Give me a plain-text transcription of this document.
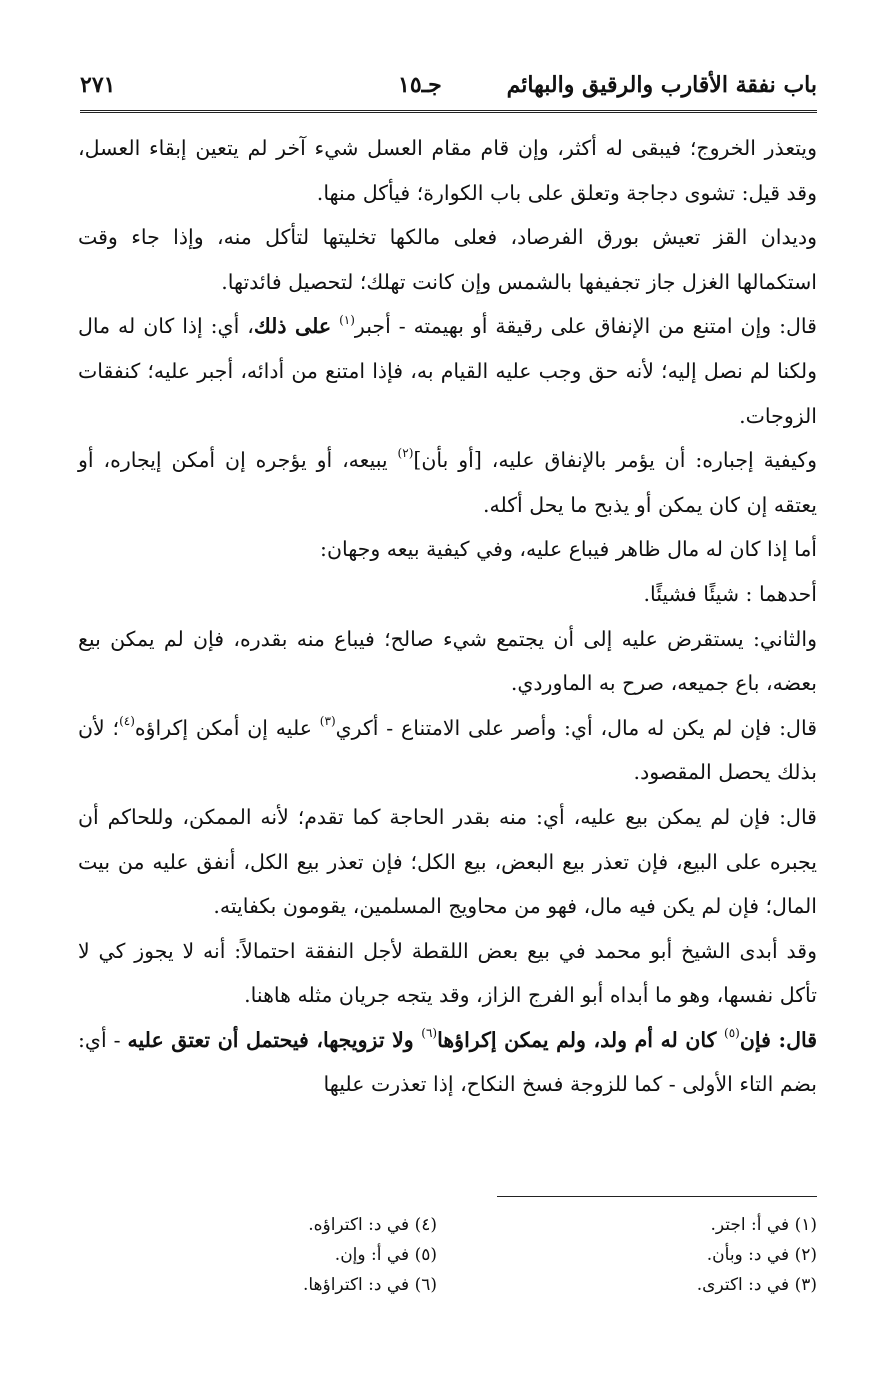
باب نفقة الأقارب والرقيق والبهائم
جـ١٥
٢٧١

ويتعذر الخروج؛ فيبقى له أكثر، وإن قام مقام العسل شيء آخر لم يتعين إبقاء العسل، وقد قيل: تشوى دجاجة وتعلق على باب الكوارة؛ فيأكل منها.

وديدان القز تعيش بورق الفرصاد، فعلى مالكها تخليتها لتأكل منه، وإذا جاء وقت استكمالها الغزل جاز تجفيفها بالشمس وإن كانت تهلك؛ لتحصيل فائدتها.

قال: وإن امتنع من الإنفاق على رقيقة أو بهيمته - أجبر$^{(١)}$ على ذلك، أي: إذا كان له مال ولكنا لم نصل إليه؛ لأنه حق وجب عليه القيام به، فإذا امتنع من أدائه، أجبر عليه؛ كنفقات الزوجات.

وكيفية إجباره: أن يؤمر بالإنفاق عليه، [أو بأن]$^{(٢)}$ يبيعه، أو يؤجره إن أمكن إيجاره، أو يعتقه إن كان يمكن أو يذبح ما يحل أكله.

أما إذا كان له مال ظاهر فيباع عليه، وفي كيفية بيعه وجهان:

أحدهما : شيئًا فشيئًا.

والثاني: يستقرض عليه إلى أن يجتمع شيء صالح؛ فيباع منه بقدره، فإن لم يمكن بيع بعضه، باع جميعه، صرح به الماوردي.

قال: فإن لم يكن له مال، أي: وأصر على الامتناع - أكري$^{(٣)}$ عليه إن أمكن إكراؤه$^{(٤)}$؛ لأن بذلك يحصل المقصود.

قال: فإن لم يمكن بيع عليه، أي: منه بقدر الحاجة كما تقدم؛ لأنه الممكن، وللحاكم أن يجبره على البيع، فإن تعذر بيع البعض، بيع الكل؛ فإن تعذر بيع الكل، أنفق عليه من بيت المال؛ فإن لم يكن فيه مال، فهو من محاويج المسلمين، يقومون بكفايته.

وقد أبدى الشيخ أبو محمد في بيع بعض اللقطة لأجل النفقة احتمالاً: أنه لا يجوز كي لا تأكل نفسها، وهو ما أبداه أبو الفرج الزاز، وقد يتجه جريان مثله هاهنا.

قال: فإن$^{(٥)}$ كان له أم ولد، ولم يمكن إكراؤها$^{(٦)}$ ولا تزويجها، فيحتمل أن تعتق عليه - أي: بضم التاء الأولى - كما للزوجة فسخ النكاح، إذا تعذرت عليها

(١) في أ: اجتر.
(٢) في د: وبأن.
(٣) في د: اكترى.
(٤) في د: اكتراؤه.
(٥) في أ: وإن.
(٦) في د: اكتراؤها.
